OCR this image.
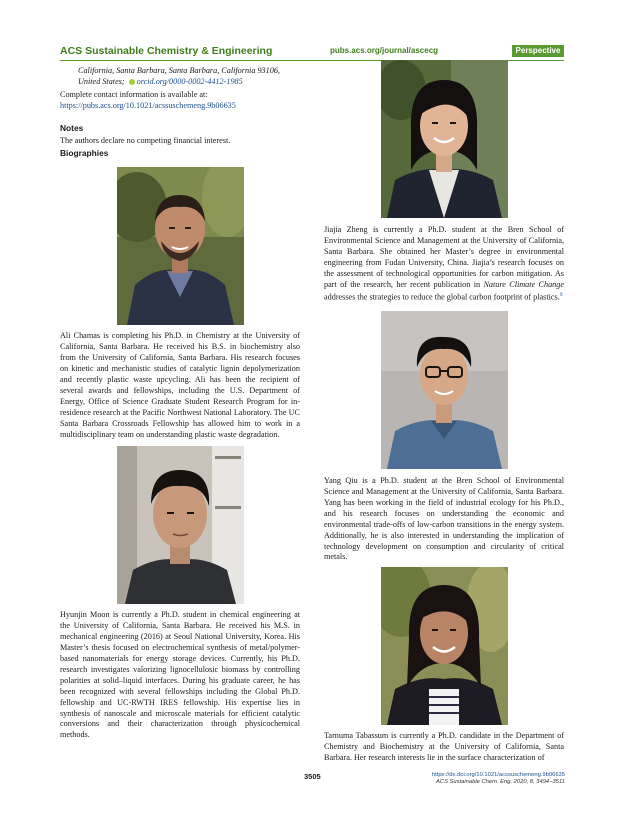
ACS Sustainable Chemistry & Engineering	pubs.acs.org/journal/ascecg	Perspective

California, Santa Barbara, Santa Barbara, California 93106,

United States; orcid.org/0000-0002-4412-1985

Complete contact information is available at:

https://pubs.acs.org/10.1021/acssuschemeng.9b06635

Notes

The authors declare no competing financial interest.

Biographies

Ali Chamas is completing his Ph.D. in Chemistry at the University of California, Santa Barbara. He received his B.S. in biochemistry also from the University of California, Santa Barbara. His research focuses on kinetic and mechanistic studies of catalytic lignin depolymerization and recently plastic waste upcycling. Ali has been the recipient of several awards and fellowships, including the U.S. Department of Energy, Office of Science Graduate Student Research Program for in-residence research at the Pacific Northwest National Laboratory. The UC Santa Barbara Crossroads Fellowship has allowed him to work in a multidisciplinary team on understanding plastic waste degradation.

Hyunjin Moon is currently a Ph.D. student in chemical engineering at the University of California, Santa Barbara. He received his M.S. in mechanical engineering (2016) at Seoul National University, Korea. His Master’s thesis focused on electrochemical synthesis of metal/polymer-based nanomaterials for energy storage devices. Currently, his Ph.D. research investigates valorizing lignocellulosic biomass by controlling polarities at solid–liquid interfaces. During his graduate career, he has been recognized with several fellowships including the Global Ph.D. fellowship and UC-RWTH IRES fellowship. His expertise lies in synthesis of nanoscale and microscale materials for efficient catalytic conversions and their characterization through physicochemical methods.

Jiajia Zheng is currently a Ph.D. student at the Bren School of Environmental Science and Management at the University of California, Santa Barbara. She obtained her Master’s degree in environmental engineering from Fudan University, China. Jiajia’s research focuses on the assessment of technological opportunities for carbon mitigation. As part of the research, her recent publication in Nature Climate Change addresses the strategies to reduce the global carbon footprint of plastics.$^9$

Yang Qiu is a Ph.D. student at the Bren School of Environmental Science and Management at the University of California, Santa Barbara. Yang has been working in the field of industrial ecology for his Ph.D., and his research focuses on understanding the economic and environmental trade-offs of low-carbon transitions in the energy system. Additionally, he is also interested in understanding the implication of technology development on consumption and circularity of critical metals.

Tarnuma Tabassum is currently a Ph.D. candidate in the Department of Chemistry and Biochemistry at the University of California, Santa Barbara. Her research interests lie in the surface characterization of

3505	https://dx.doi.org/10.1021/acssuschemeng.9b06635
ACS Sustainable Chem. Eng. 2020, 8, 3494−3511
